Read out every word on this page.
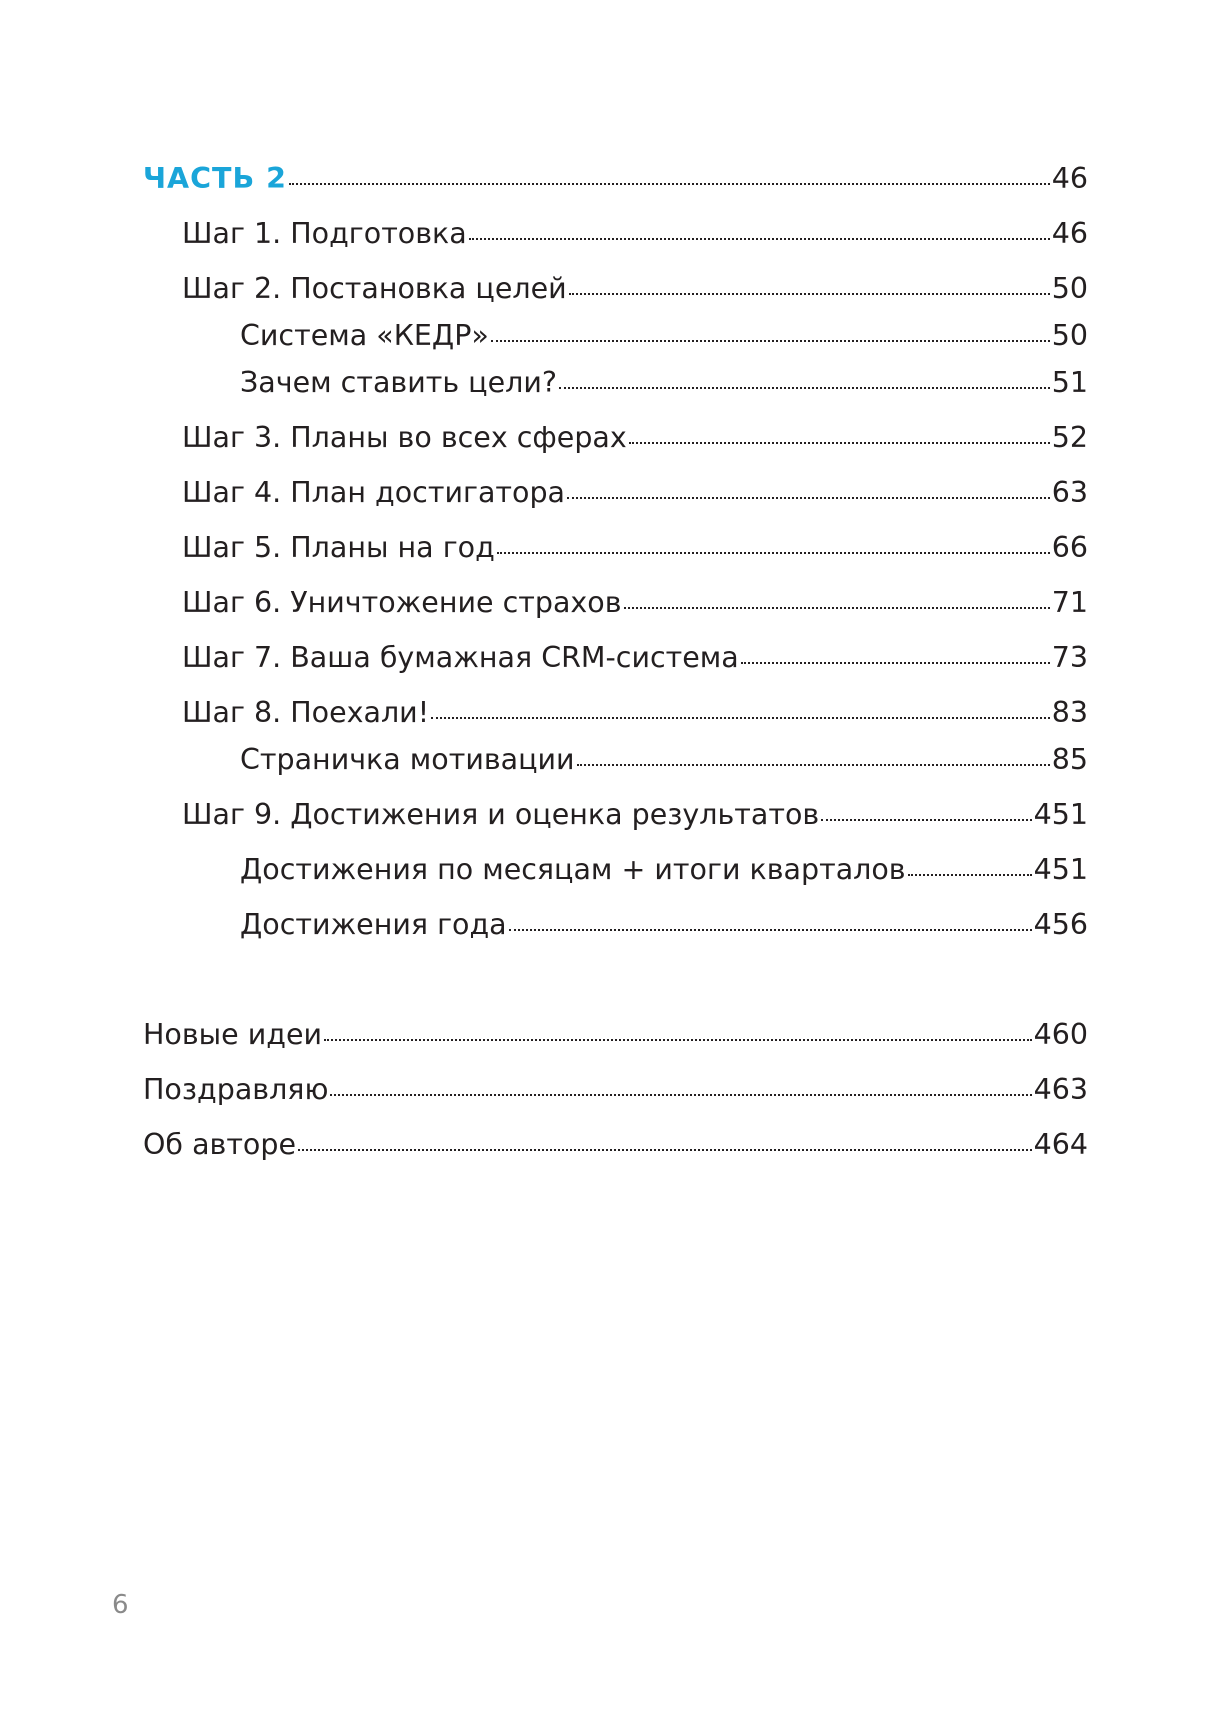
ЧАСТЬ 2	46
Шаг 1. Подготовка	46
Шаг 2. Постановка целей	50
Система «КЕДР»	50
Зачем ставить цели?	51
Шаг 3. Планы во всех сферах	52
Шаг 4. План достигатора	63
Шаг 5. Планы на год	66
Шаг 6. Уничтожение страхов	71
Шаг 7. Ваша бумажная CRM-система	73
Шаг 8. Поехали!	83
Страничка мотивации	85
Шаг 9. Достижения и оценка результатов	451
Достижения по месяцам + итоги кварталов	451
Достижения года	456
Новые идеи	460
Поздравляю	463
Об авторе	464
6
